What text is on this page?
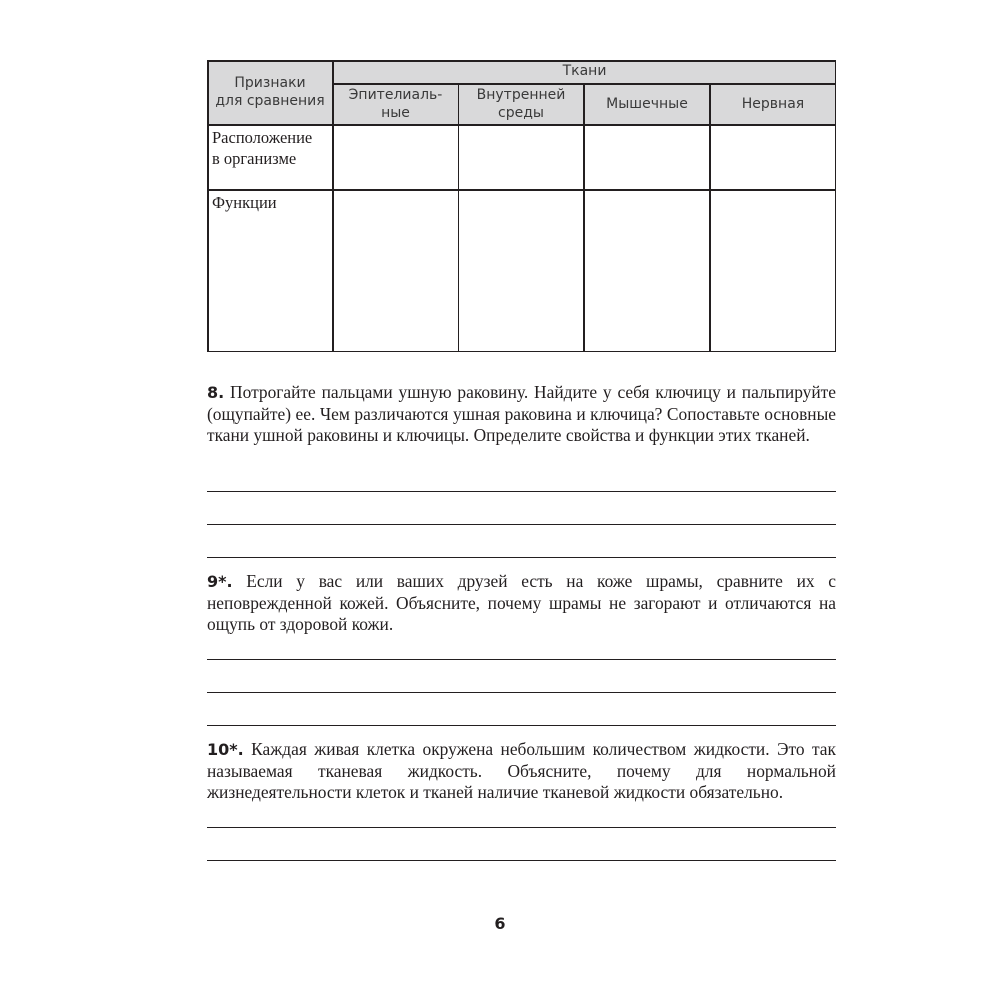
Признаки
для сравнения
Ткани
Эпителиаль-
ные
Внутренней
среды
Мышечные	Нервная
Расположение
в организме
Функции
8. Потрогайте пальцами ушную раковину. Найдите у себя ключицу и пальпируйте (ощупайте) ее. Чем различаются ушная раковина и ключица? Сопоставьте основные ткани ушной раковины и ключицы. Определите свойства и функции этих тканей.
9*. Если у вас или ваших друзей есть на коже шрамы, сравните их с неповрежденной кожей. Объясните, почему шрамы не загорают и отличаются на ощупь от здоровой кожи.
10*. Каждая живая клетка окружена небольшим количеством жидкости. Это так называемая тканевая жидкость. Объясните, почему для нормальной жизнедеятельности клеток и тканей наличие тканевой жидкости обязательно.
6
